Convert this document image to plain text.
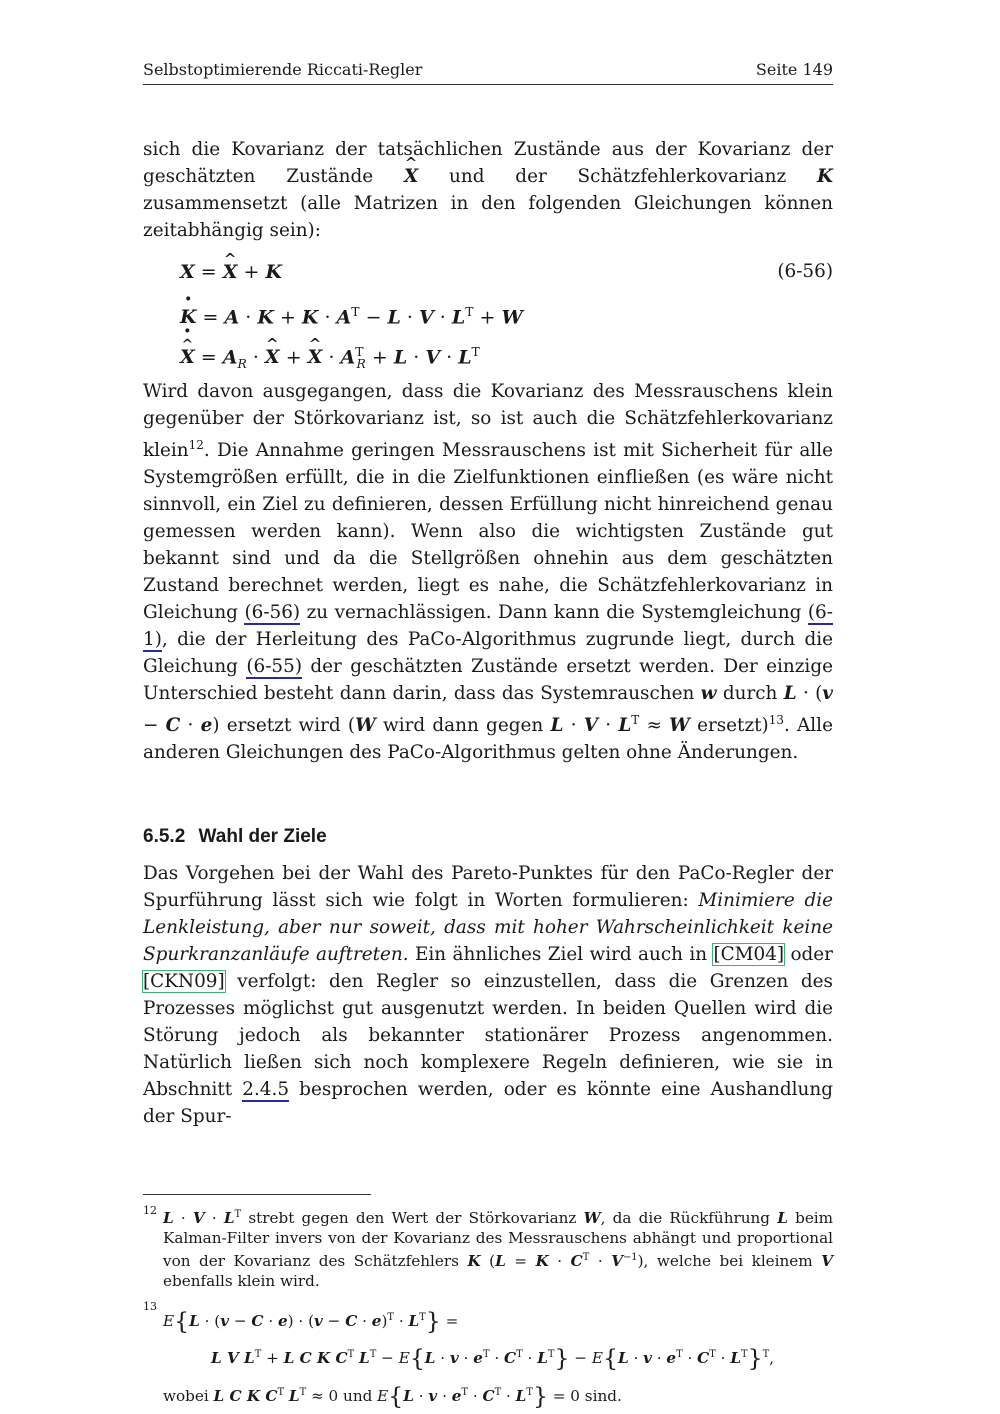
Selbstoptimierende Riccati-Regler	Seite 149

sich die Kovarianz der tatsächlichen Zustände aus der Kovarianz der geschätzten Zustände ^ X und der Schätzfehlerkovarianz K zusammensetzt (alle Matrizen in den folgenden Gleichungen können zeitabhängig sein):

(6-56)
X = ^ X + K
K · = $A \cdot K + K \cdot A^T - L \cdot V \cdot L^T + W$
^ X · = $A_R$ · ^ X + ^ $X \cdot A^T_R + L \cdot V \cdot L^T$

Wird davon ausgegangen, dass die Kovarianz des Messrauschens klein gegenüber der Störkovarianz ist, so ist auch die Schätzfehlerkovarianz klein$^{12}$. Die Annahme geringen Messrauschens ist mit Sicherheit für alle Systemgrößen erfüllt, die in die Zielfunktionen einfließen (es wäre nicht sinnvoll, ein Ziel zu definieren, dessen Erfüllung nicht hinreichend genau gemessen werden kann). Wenn also die wichtigsten Zustände gut bekannt sind und da die Stellgrößen ohnehin aus dem geschätzten Zustand berechnet werden, liegt es nahe, die Schätzfehlerkovarianz in Gleichung (6-56) zu vernachlässigen. Dann kann die Systemgleichung (6-1), die der Herleitung des PaCo-Algorithmus zugrunde liegt, durch die Gleichung (6-55) der geschätzten Zustände ersetzt werden. Der einzige Unterschied besteht dann darin, dass das Systemrauschen w durch L · (v − C · e) ersetzt wird (W wird dann gegen $L \cdot V \cdot L^T \approx W$ ersetzt)$^{13}$. Alle anderen Gleichungen des PaCo-Algorithmus gelten ohne Änderungen.

6.5.2 Wahl der Ziele

Das Vorgehen bei der Wahl des Pareto-Punktes für den PaCo-Regler der Spurführung lässt sich wie folgt in Worten formulieren: Minimiere die Lenkleistung, aber nur soweit, dass mit hoher Wahrscheinlichkeit keine Spurkranzanläufe auftreten. Ein ähnliches Ziel wird auch in [CM04] oder [CKN09] verfolgt: den Regler so einzustellen, dass die Grenzen des Prozesses möglichst gut ausgenutzt werden. In beiden Quellen wird die Störung jedoch als bekannter stationärer Prozess angenommen. Natürlich ließen sich noch komplexere Regeln definieren, wie sie in Abschnitt 2.4.5 besprochen werden, oder es könnte eine Aushandlung der Spur-

12 $L \cdot V \cdot L^T$ strebt gegen den Wert der Störkovarianz W, da die Rückführung L beim Kalman-Filter invers von der Kovarianz des Messrauschens abhängt und proportional von der Kovarianz des Schätzfehlers K $(L = K \cdot C^T \cdot V^{-1})$, welche bei kleinem V ebenfalls klein wird.
13
$E\{L \cdot (v - C \cdot e) \cdot (v - C \cdot e)^T \cdot L^T\}$ =
L V $L^T + L$ C K $C^T$ $L^T - E\{L \cdot v \cdot e^T \cdot C^T \cdot L^T\} - E\{L \cdot v \cdot e^T \cdot C^T \cdot L^T\}^T$,
wobei L C K $C^T$ $L^T \approx 0$ und $E\{L \cdot v \cdot e^T \cdot C^T \cdot L^T\} = 0$ sind.
